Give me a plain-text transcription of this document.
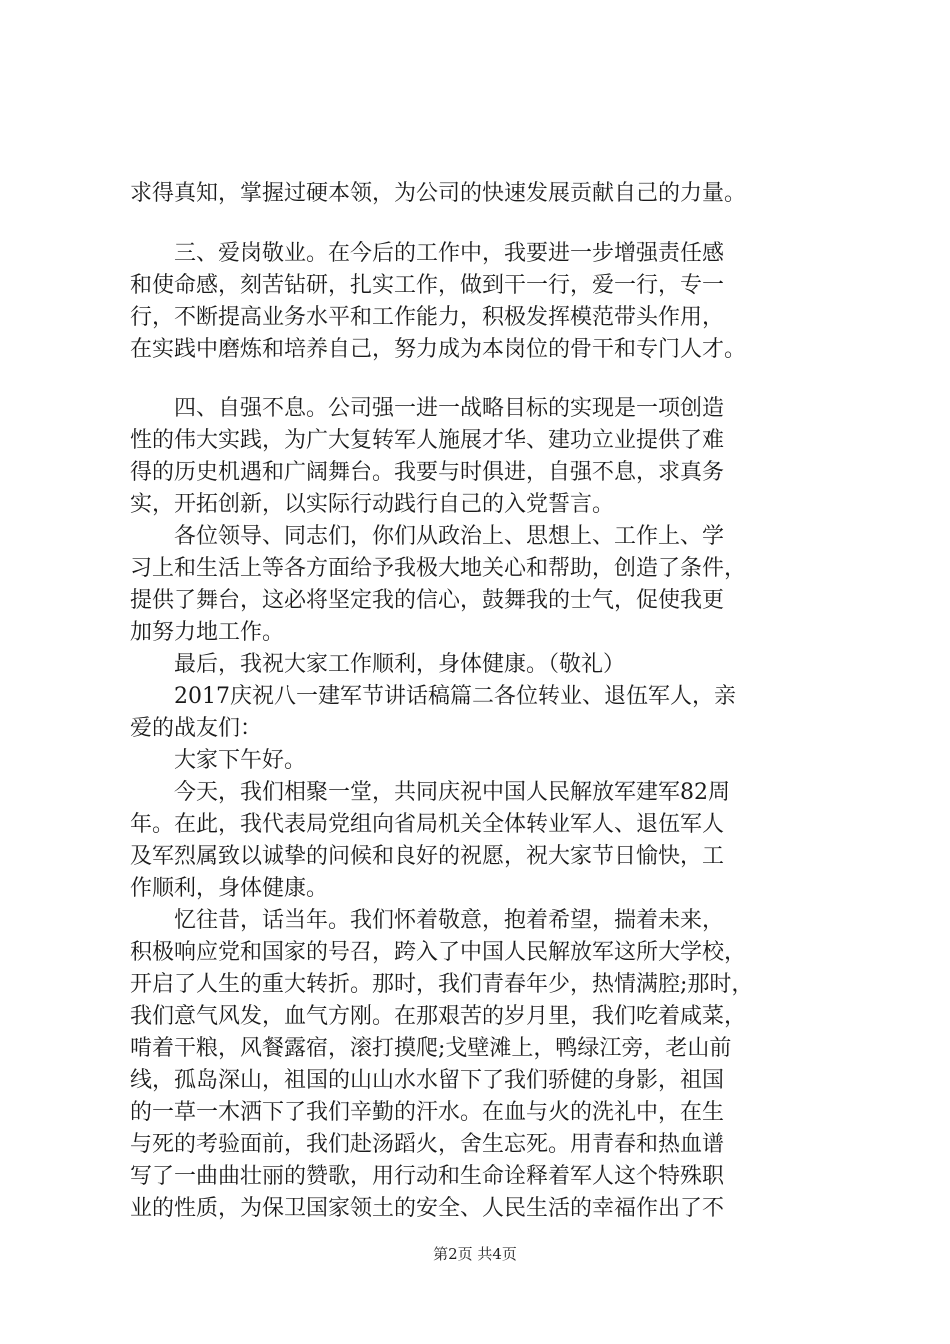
求得真知，掌握过硬本领，为公司的快速发展贡献自己的力量。
　　三、爱岗敬业。在今后的工作中，我要进一步增强责任感
和使命感，刻苦钻研，扎实工作，做到干一行，爱一行，专一
行，不断提高业务水平和工作能力，积极发挥模范带头作用，
在实践中磨炼和培养自己，努力成为本岗位的骨干和专门人才。
　　四、自强不息。公司强一进一战略目标的实现是一项创造
性的伟大实践，为广大复转军人施展才华、建功立业提供了难
得的历史机遇和广阔舞台。我要与时俱进，自强不息，求真务
实，开拓创新，以实际行动践行自己的入党誓言。
　　各位领导、同志们，你们从政治上、思想上、工作上、学
习上和生活上等各方面给予我极大地关心和帮助，创造了条件，
提供了舞台，这必将坚定我的信心，鼓舞我的士气，促使我更
加努力地工作。
　　最后，我祝大家工作顺利，身体健康。（敬礼）
　　2017庆祝八一建军节讲话稿篇二各位转业、退伍军人，亲
爱的战友们：
　　大家下午好。
　　今天，我们相聚一堂，共同庆祝中国人民解放军建军82周
年。在此，我代表局党组向省局机关全体转业军人、退伍军人
及军烈属致以诚挚的问候和良好的祝愿，祝大家节日愉快，工
作顺利，身体健康。
　　忆往昔，话当年。我们怀着敬意，抱着希望，揣着未来，
积极响应党和国家的号召，跨入了中国人民解放军这所大学校，
开启了人生的重大转折。那时，我们青春年少，热情满腔;那时，
我们意气风发，血气方刚。在那艰苦的岁月里，我们吃着咸菜，
啃着干粮，风餐露宿，滚打摸爬;戈壁滩上，鸭绿江旁，老山前
线，孤岛深山，祖国的山山水水留下了我们骄健的身影，祖国
的一草一木洒下了我们辛勤的汗水。在血与火的洗礼中，在生
与死的考验面前，我们赴汤蹈火，舍生忘死。用青春和热血谱
写了一曲曲壮丽的赞歌，用行动和生命诠释着军人这个特殊职
业的性质，为保卫国家领土的安全、人民生活的幸福作出了不
第2页 共4页
